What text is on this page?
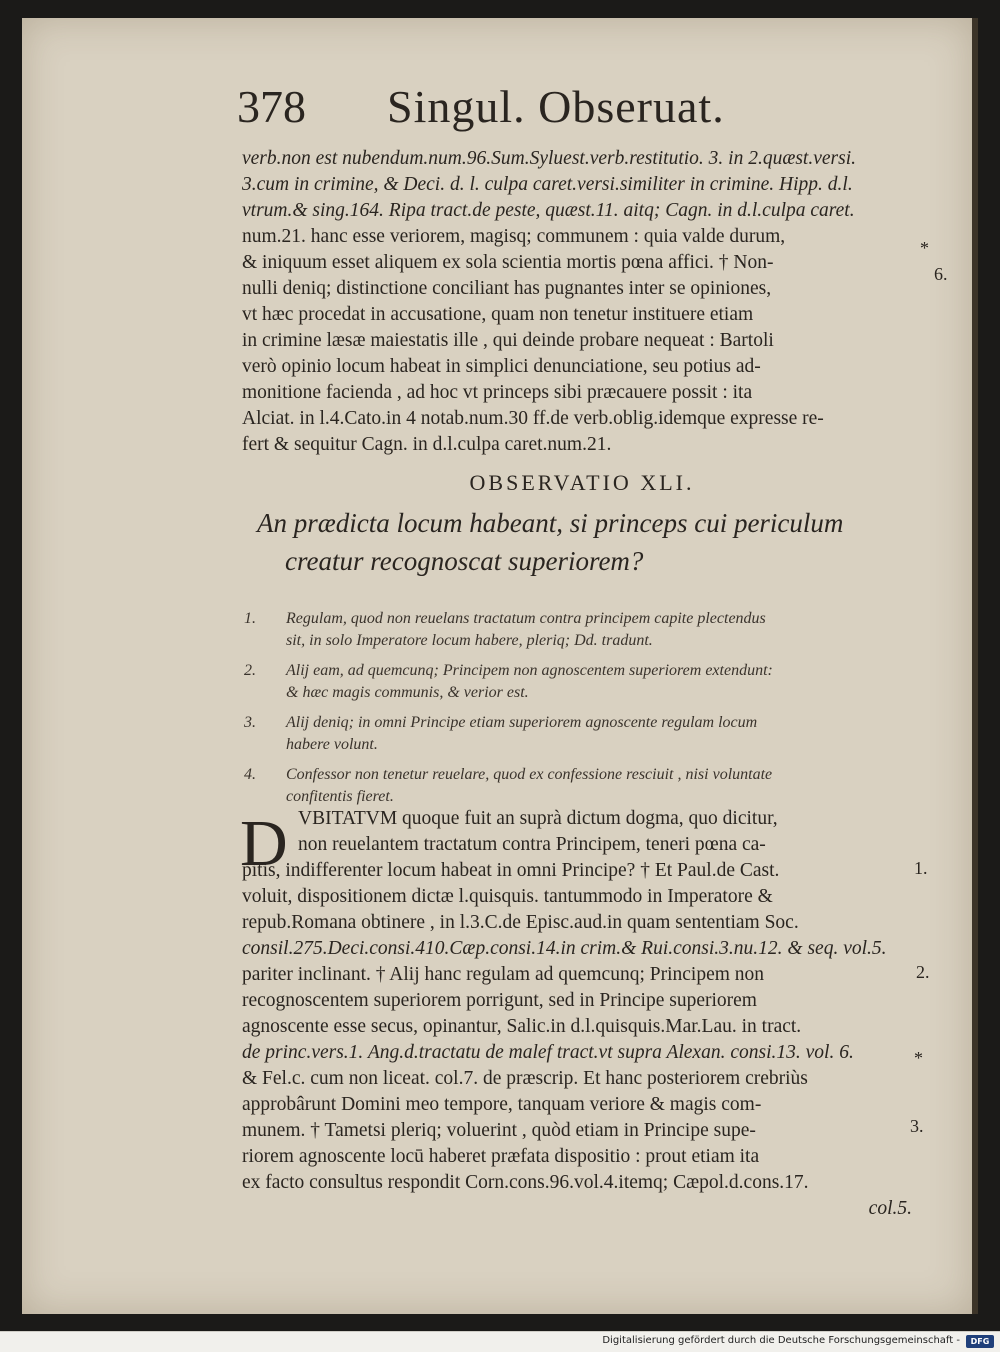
378 Singul. Obseruat.
verb.non est nubendum.num.96.Sum.Syluest.verb.restitutio. 3. in 2.quæst.versi.
3.cum in crimine, & Deci. d. l. culpa caret.versi.similiter in crimine. Hipp. d.l.
vtrum.& sing.164. Ripa tract.de peste, quæst.11. aitq; Cagn. in d.l.culpa caret.
num.21. hanc esse veriorem, magisq; communem : quia valde durum,
& iniquum esset aliquem ex sola scientia mortis pœna affici. † Non-
nulli deniq; distinctione conciliant has pugnantes inter se opiniones,
vt hæc procedat in accusatione, quam non tenetur instituere etiam
in crimine læsæ maiestatis ille , qui deinde probare nequeat : Bartoli
verò opinio locum habeat in simplici denunciatione, seu potius ad-
monitione facienda , ad hoc vt princeps sibi præcauere possit : ita
Alciat. in l.4.Cato.in 4 notab.num.30 ff.de verb.oblig.idemque expresse re-
fert & sequitur Cagn. in d.l.culpa caret.num.21.
OBSERVATIO XLI.
An prædicta locum habeant, si princeps cui periculum
creatur recognoscat superiorem?
1. Regulam, quod non reuelans tractatum contra principem capite plectendus
sit, in solo Imperatore locum habere, pleriq; Dd. tradunt.
2. Alij eam, ad quemcunq; Principem non agnoscentem superiorem extendunt:
& hæc magis communis, & verior est.
3. Alij deniq; in omni Principe etiam superiorem agnoscente regulam locum
habere volunt.
4. Confessor non tenetur reuelare, quod ex confessione resciuit , nisi voluntate
confitentis fieret.
D VBITATVM quoque fuit an suprà dictum dogma, quo dicitur,
non reuelantem tractatum contra Principem, teneri pœna ca-
pitis, indifferenter locum habeat in omni Principe? † Et Paul.de Cast.
voluit, dispositionem dictæ l.quisquis. tantummodo in Imperatore &
repub.Romana obtinere , in l.3.C.de Episc.aud.in quam sententiam Soc.
consil.275.Deci.consi.410.Cæp.consi.14.in crim.& Rui.consi.3.nu.12. & seq. vol.5.
pariter inclinant. † Alij hanc regulam ad quemcunq; Principem non
recognoscentem superiorem porrigunt, sed in Principe superiorem
agnoscente esse secus, opinantur, Salic.in d.l.quisquis.Mar.Lau. in tract.
de princ.vers.1. Ang.d.tractatu de malef tract.vt supra Alexan. consi.13. vol. 6.
& Fel.c. cum non liceat. col.7. de præscrip. Et hanc posteriorem crebriùs
approbârunt Domini meo tempore, tanquam veriore & magis com-
munem. † Tametsi pleriq; voluerint , quòd etiam in Principe supe-
riorem agnoscente locū haberet præfata dispositio : prout etiam ita
ex facto consultus respondit Corn.cons.96.vol.4.itemq; Cæpol.d.cons.17.
col.5.
*
6.
1.
2.
*
3.
Digitalisierung gefördert durch die Deutsche Forschungsgemeinschaft -	DFG
